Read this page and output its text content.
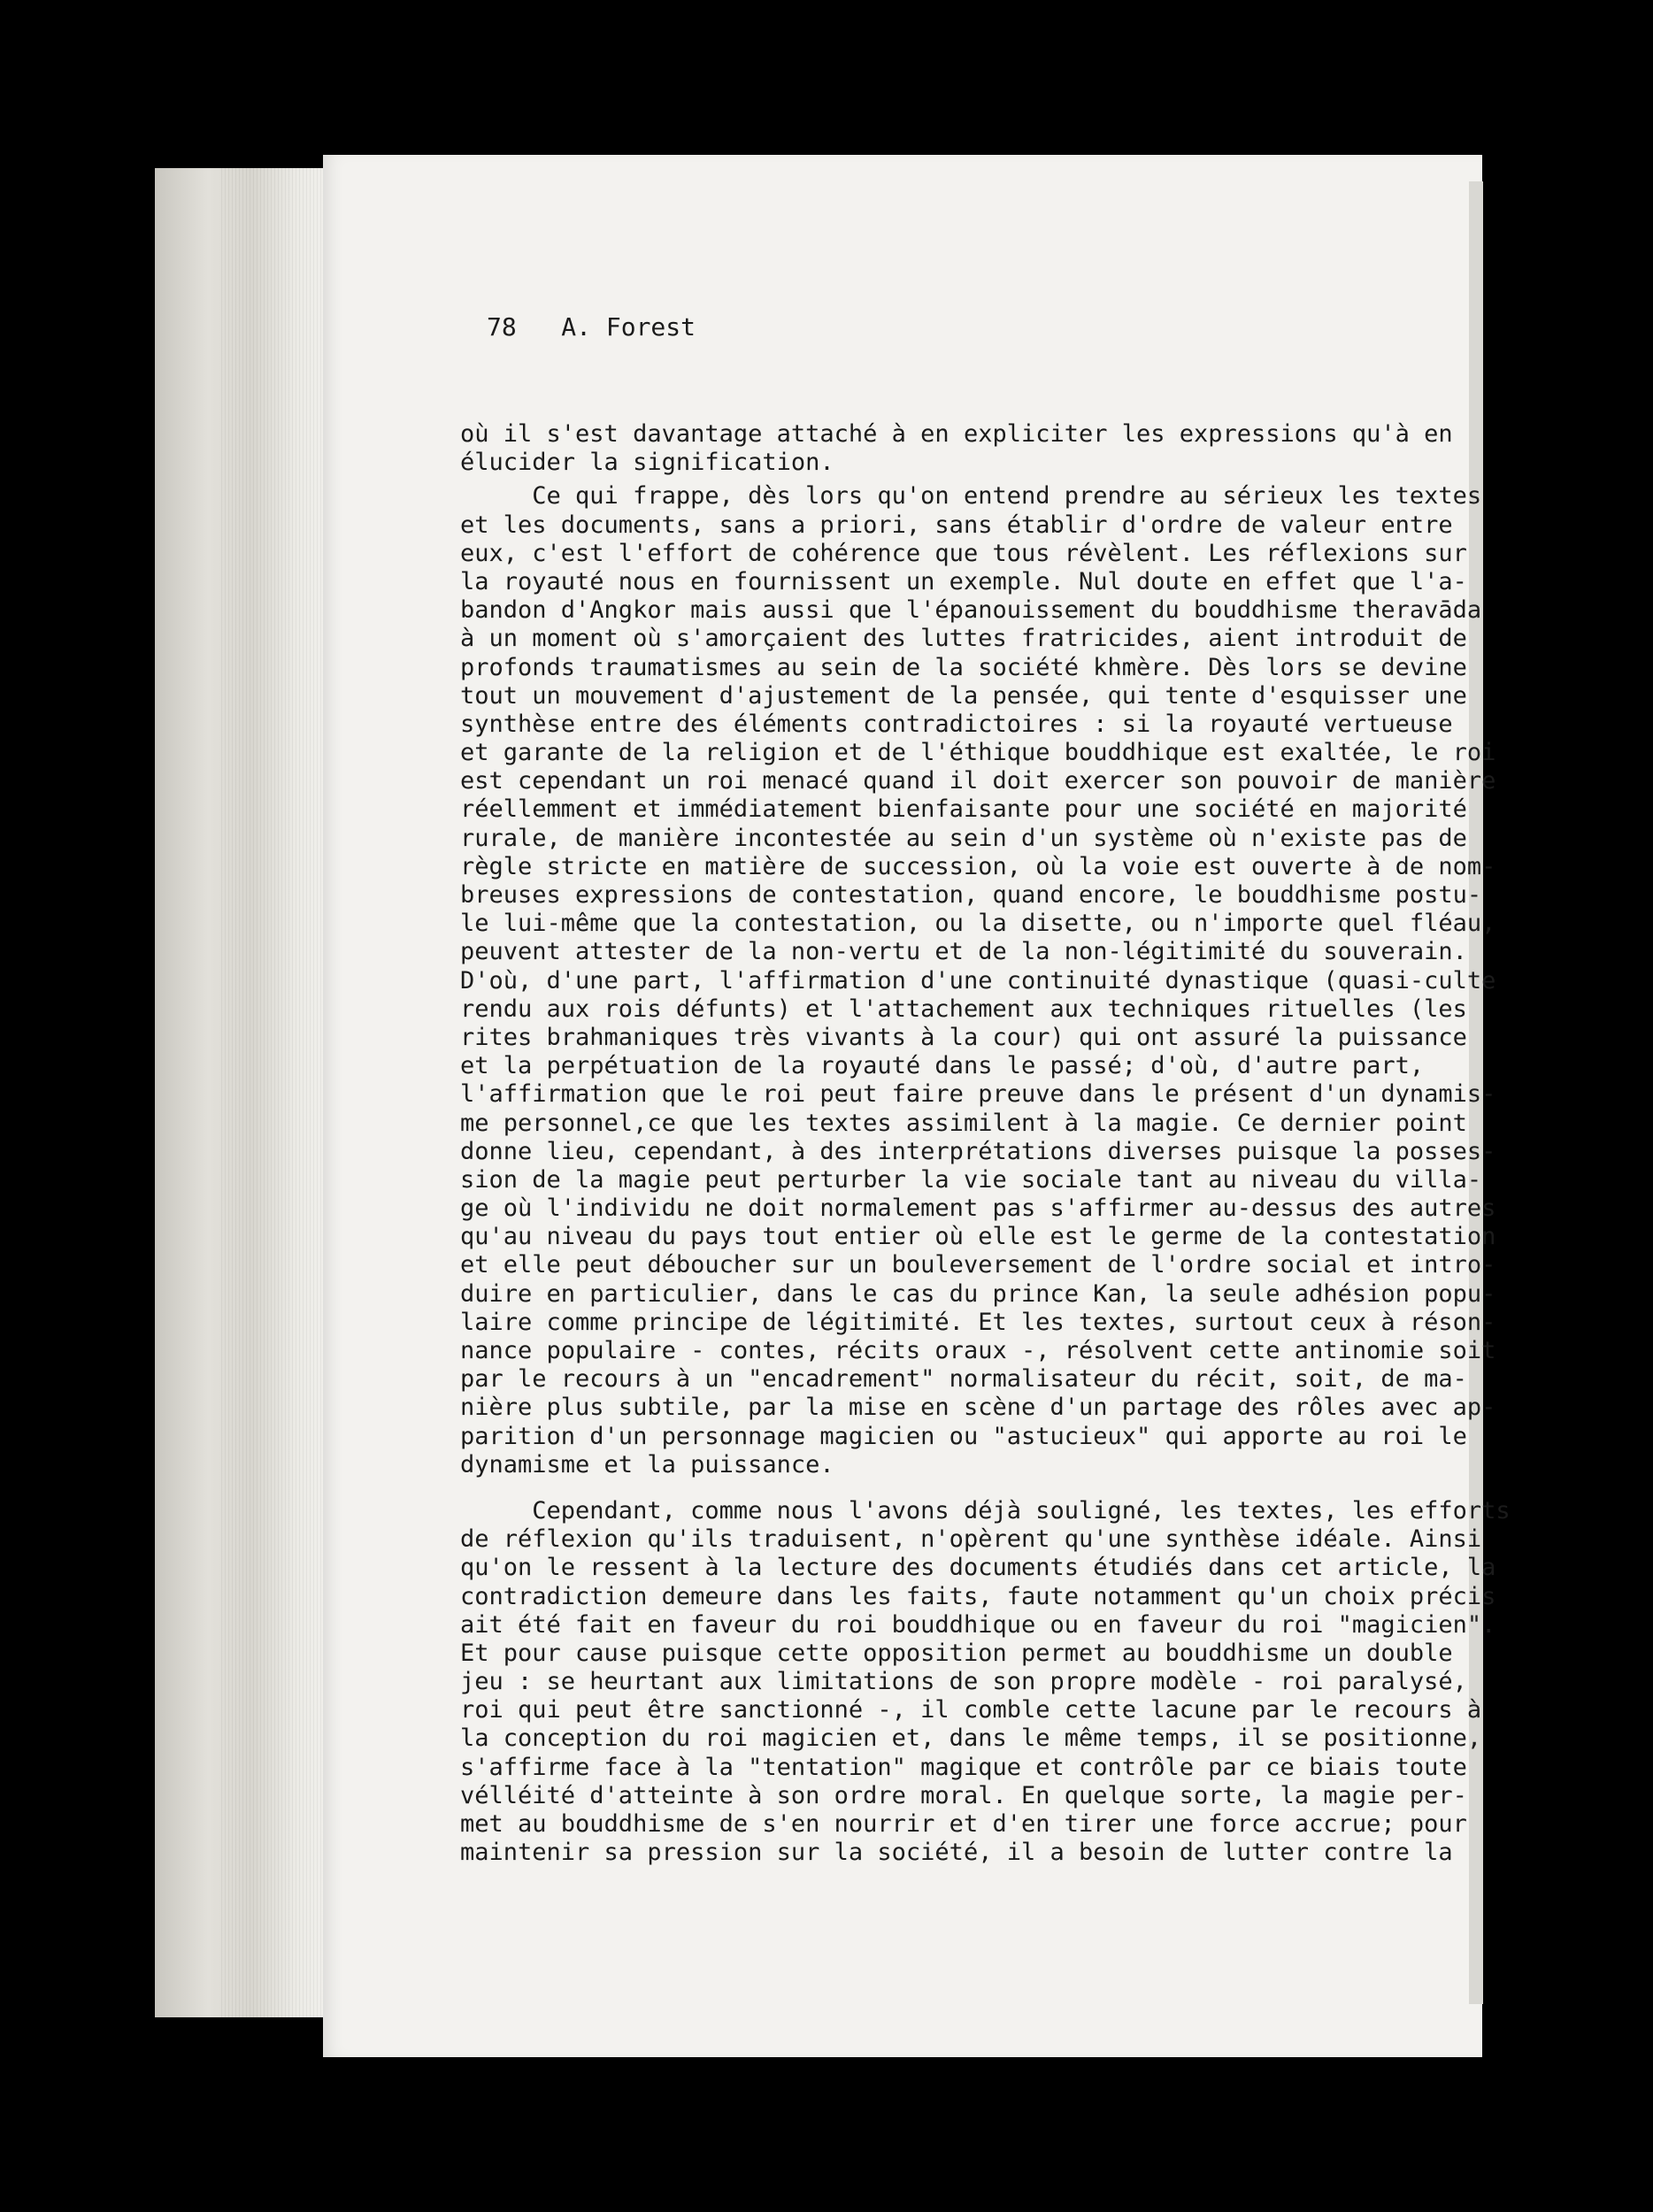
78   A. Forest
où il s'est davantage attaché à en expliciter les expressions qu'à en
élucider la signification.
Ce qui frappe, dès lors qu'on entend prendre au sérieux les textes
et les documents, sans a priori, sans établir d'ordre de valeur entre
eux, c'est l'effort de cohérence que tous révèlent. Les réflexions sur
la royauté nous en fournissent un exemple. Nul doute en effet que l'a-
bandon d'Angkor mais aussi que l'épanouissement du bouddhisme theravāda
à un moment où s'amorçaient des luttes fratricides, aient introduit de
profonds traumatismes au sein de la société khmère. Dès lors se devine
tout un mouvement d'ajustement de la pensée, qui tente d'esquisser une
synthèse entre des éléments contradictoires : si la royauté vertueuse
et garante de la religion et de l'éthique bouddhique est exaltée, le roi
est cependant un roi menacé quand il doit exercer son pouvoir de manière
réellemment et immédiatement bienfaisante pour une société en majorité
rurale, de manière incontestée au sein d'un système où n'existe pas de
règle stricte en matière de succession, où la voie est ouverte à de nom-
breuses expressions de contestation, quand encore, le bouddhisme postu-
le lui-même que la contestation, ou la disette, ou n'importe quel fléau,
peuvent attester de la non-vertu et de la non-légitimité du souverain.
D'où, d'une part, l'affirmation d'une continuité dynastique (quasi-culte
rendu aux rois défunts) et l'attachement aux techniques rituelles (les
rites brahmaniques très vivants à la cour) qui ont assuré la puissance
et la perpétuation de la royauté dans le passé; d'où, d'autre part,
l'affirmation que le roi peut faire preuve dans le présent d'un dynamis-
me personnel,ce que les textes assimilent à la magie. Ce dernier point
donne lieu, cependant, à des interprétations diverses puisque la posses-
sion de la magie peut perturber la vie sociale tant au niveau du villa-
ge où l'individu ne doit normalement pas s'affirmer au-dessus des autres
qu'au niveau du pays tout entier où elle est le germe de la contestation
et elle peut déboucher sur un bouleversement de l'ordre social et intro-
duire en particulier, dans le cas du prince Kan, la seule adhésion popu-
laire comme principe de légitimité. Et les textes, surtout ceux à réson-
nance populaire - contes, récits oraux -, résolvent cette antinomie soit
par le recours à un "encadrement" normalisateur du récit, soit, de ma-
nière plus subtile, par la mise en scène d'un partage des rôles avec ap-
parition d'un personnage magicien ou "astucieux" qui apporte au roi le
dynamisme et la puissance.
Cependant, comme nous l'avons déjà souligné, les textes, les efforts
de réflexion qu'ils traduisent, n'opèrent qu'une synthèse idéale. Ainsi
qu'on le ressent à la lecture des documents étudiés dans cet article, la
contradiction demeure dans les faits, faute notamment qu'un choix précis
ait été fait en faveur du roi bouddhique ou en faveur du roi "magicien".
Et pour cause puisque cette opposition permet au bouddhisme un double
jeu : se heurtant aux limitations de son propre modèle - roi paralysé,
roi qui peut être sanctionné -, il comble cette lacune par le recours à
la conception du roi magicien et, dans le même temps, il se positionne,
s'affirme face à la "tentation" magique et contrôle par ce biais toute
vélléité d'atteinte à son ordre moral. En quelque sorte, la magie per-
met au bouddhisme de s'en nourrir et d'en tirer une force accrue; pour
maintenir sa pression sur la société, il a besoin de lutter contre la
